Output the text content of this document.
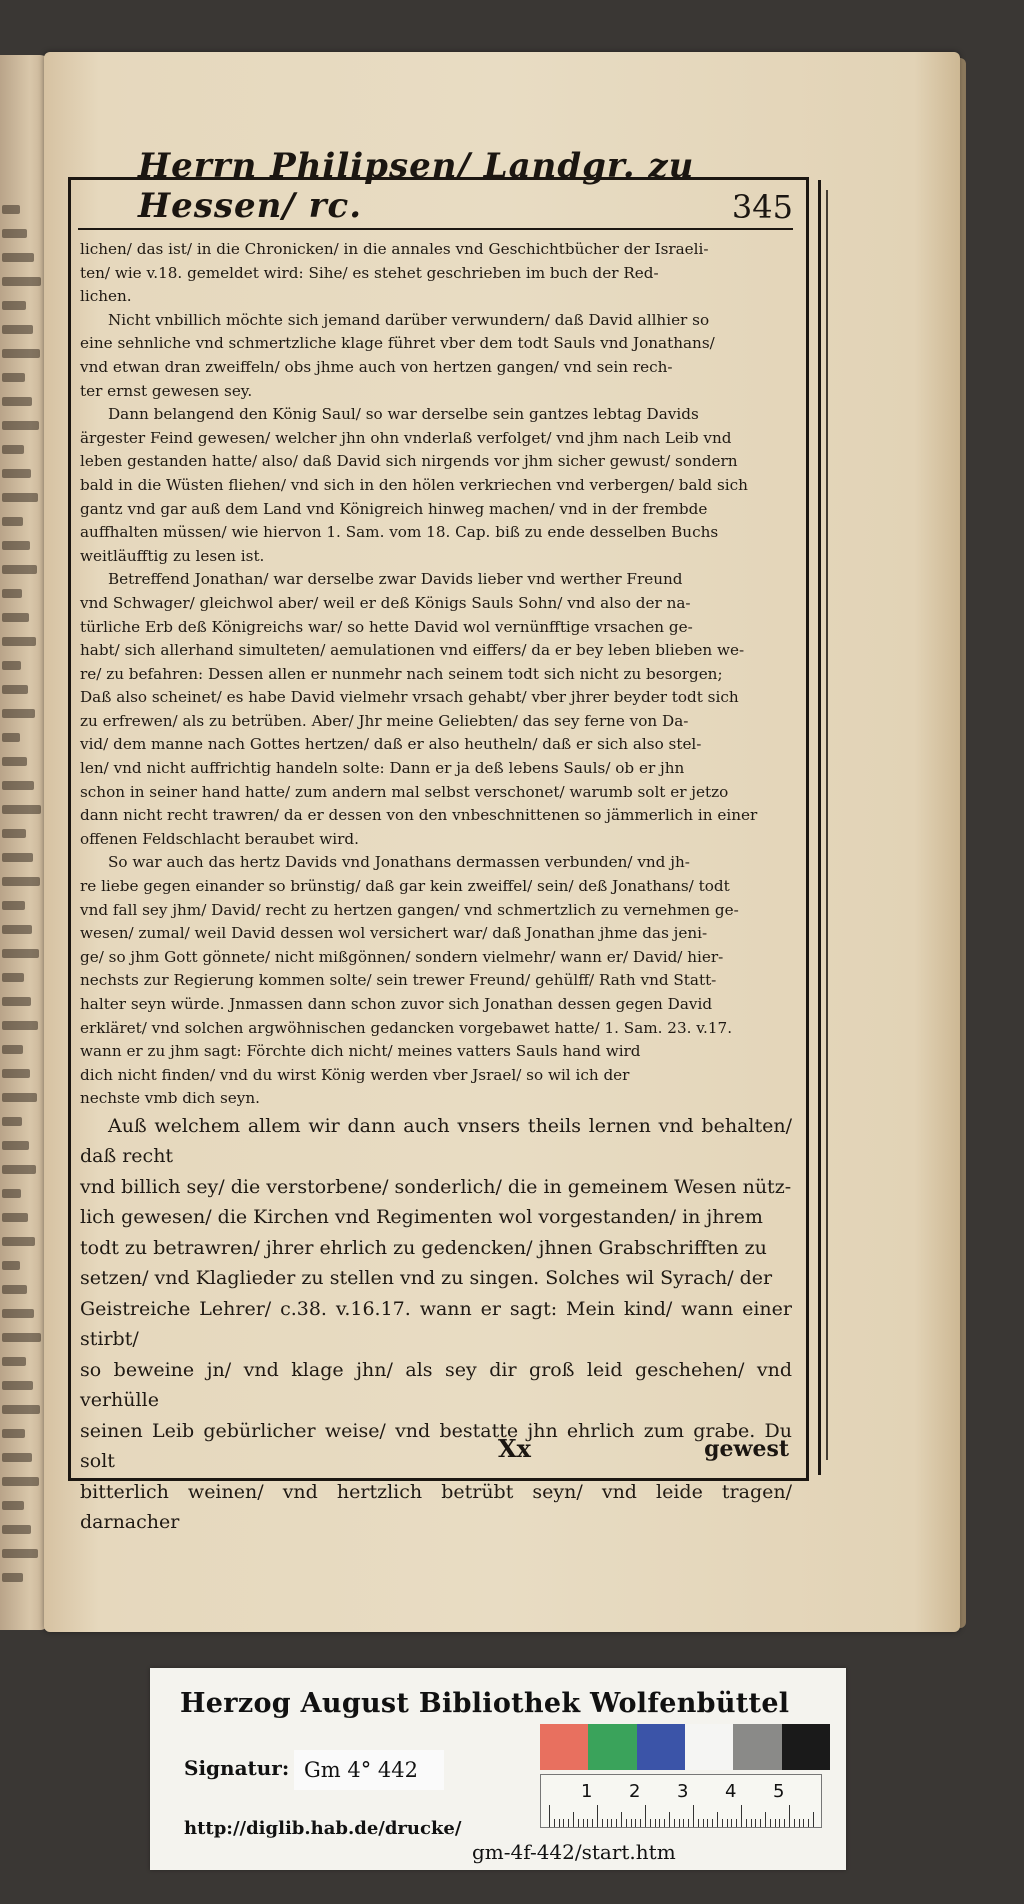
Herrn Philipsen/ Landgr. zu Hessen/ rc.	345

lichen/ das ist/ in die Chronicken/ in die annales vnd Geschichtbücher der Israeli-

ten/ wie v.18. gemeldet wird: Sihe/ es stehet geschrieben im buch der Red-

lichen.

Nicht vnbillich möchte sich jemand darüber verwundern/ daß David allhier so

eine sehnliche vnd schmertzliche klage führet vber dem todt Sauls vnd Jonathans/

vnd etwan dran zweiffeln/ obs jhme auch von hertzen gangen/ vnd sein rech-

ter ernst gewesen sey.

Dann belangend den König Saul/ so war derselbe sein gantzes lebtag Davids

ärgester Feind gewesen/ welcher jhn ohn vnderlaß verfolget/ vnd jhm nach Leib vnd

leben gestanden hatte/ also/ daß David sich nirgends vor jhm sicher gewust/ sondern

bald in die Wüsten fliehen/ vnd sich in den hölen verkriechen vnd verbergen/ bald sich

gantz vnd gar auß dem Land vnd Königreich hinweg machen/ vnd in der frembde

auffhalten müssen/ wie hiervon 1. Sam. vom 18. Cap. biß zu ende desselben Buchs

weitläufftig zu lesen ist.

Betreffend Jonathan/ war derselbe zwar Davids lieber vnd werther Freund

vnd Schwager/ gleichwol aber/ weil er deß Königs Sauls Sohn/ vnd also der na-

türliche Erb deß Königreichs war/ so hette David wol vernünfftige vrsachen ge-

habt/ sich allerhand simulteten/ aemulationen vnd eiffers/ da er bey leben blieben we-

re/ zu befahren: Dessen allen er nunmehr nach seinem todt sich nicht zu besorgen;

Daß also scheinet/ es habe David vielmehr vrsach gehabt/ vber jhrer beyder todt sich

zu erfrewen/ als zu betrüben. Aber/ Jhr meine Geliebten/ das sey ferne von Da-

vid/ dem manne nach Gottes hertzen/ daß er also heutheln/ daß er sich also stel-

len/ vnd nicht auffrichtig handeln solte: Dann er ja deß lebens Sauls/ ob er jhn

schon in seiner hand hatte/ zum andern mal selbst verschonet/ warumb solt er jetzo

dann nicht recht trawren/ da er dessen von den vnbeschnittenen so jämmerlich in einer

offenen Feldschlacht beraubet wird.

So war auch das hertz Davids vnd Jonathans dermassen verbunden/ vnd jh-

re liebe gegen einander so brünstig/ daß gar kein zweiffel/ sein/ deß Jonathans/ todt

vnd fall sey jhm/ David/ recht zu hertzen gangen/ vnd schmertzlich zu vernehmen ge-

wesen/ zumal/ weil David dessen wol versichert war/ daß Jonathan jhme das jeni-

ge/ so jhm Gott gönnete/ nicht mißgönnen/ sondern vielmehr/ wann er/ David/ hier-

nechsts zur Regierung kommen solte/ sein trewer Freund/ gehülff/ Rath vnd Statt-

halter seyn würde. Jnmassen dann schon zuvor sich Jonathan dessen gegen David

erkläret/ vnd solchen argwöhnischen gedancken vorgebawet hatte/ 1. Sam. 23. v.17.

wann er zu jhm sagt: Förchte dich nicht/ meines vatters Sauls hand wird

dich nicht finden/ vnd du wirst König werden vber Jsrael/ so wil ich der

nechste vmb dich seyn.

Auß welchem allem wir dann auch vnsers theils lernen vnd behalten/ daß recht

vnd billich sey/ die verstorbene/ sonderlich/ die in gemeinem Wesen nütz-

lich gewesen/ die Kirchen vnd Regimenten wol vorgestanden/ in jhrem

todt zu betrawren/ jhrer ehrlich zu gedencken/ jhnen Grabschrifften zu

setzen/ vnd Klaglieder zu stellen vnd zu singen. Solches wil Syrach/ der

Geistreiche Lehrer/ c.38. v.16.17. wann er sagt: Mein kind/ wann einer stirbt/

so beweine jn/ vnd klage jhn/ als sey dir groß leid geschehen/ vnd verhülle

seinen Leib gebürlicher weise/ vnd bestatte jhn ehrlich zum grabe. Du solt

bitterlich weinen/ vnd hertzlich betrübt seyn/ vnd leide tragen/ darnacher

Xx	gewest
Herzog August Bibliothek Wolfenbüttel
Signatur: Gm 4° 442
1 2 3 4 5
http://diglib.hab.de/drucke/
gm-4f-442/start.htm
